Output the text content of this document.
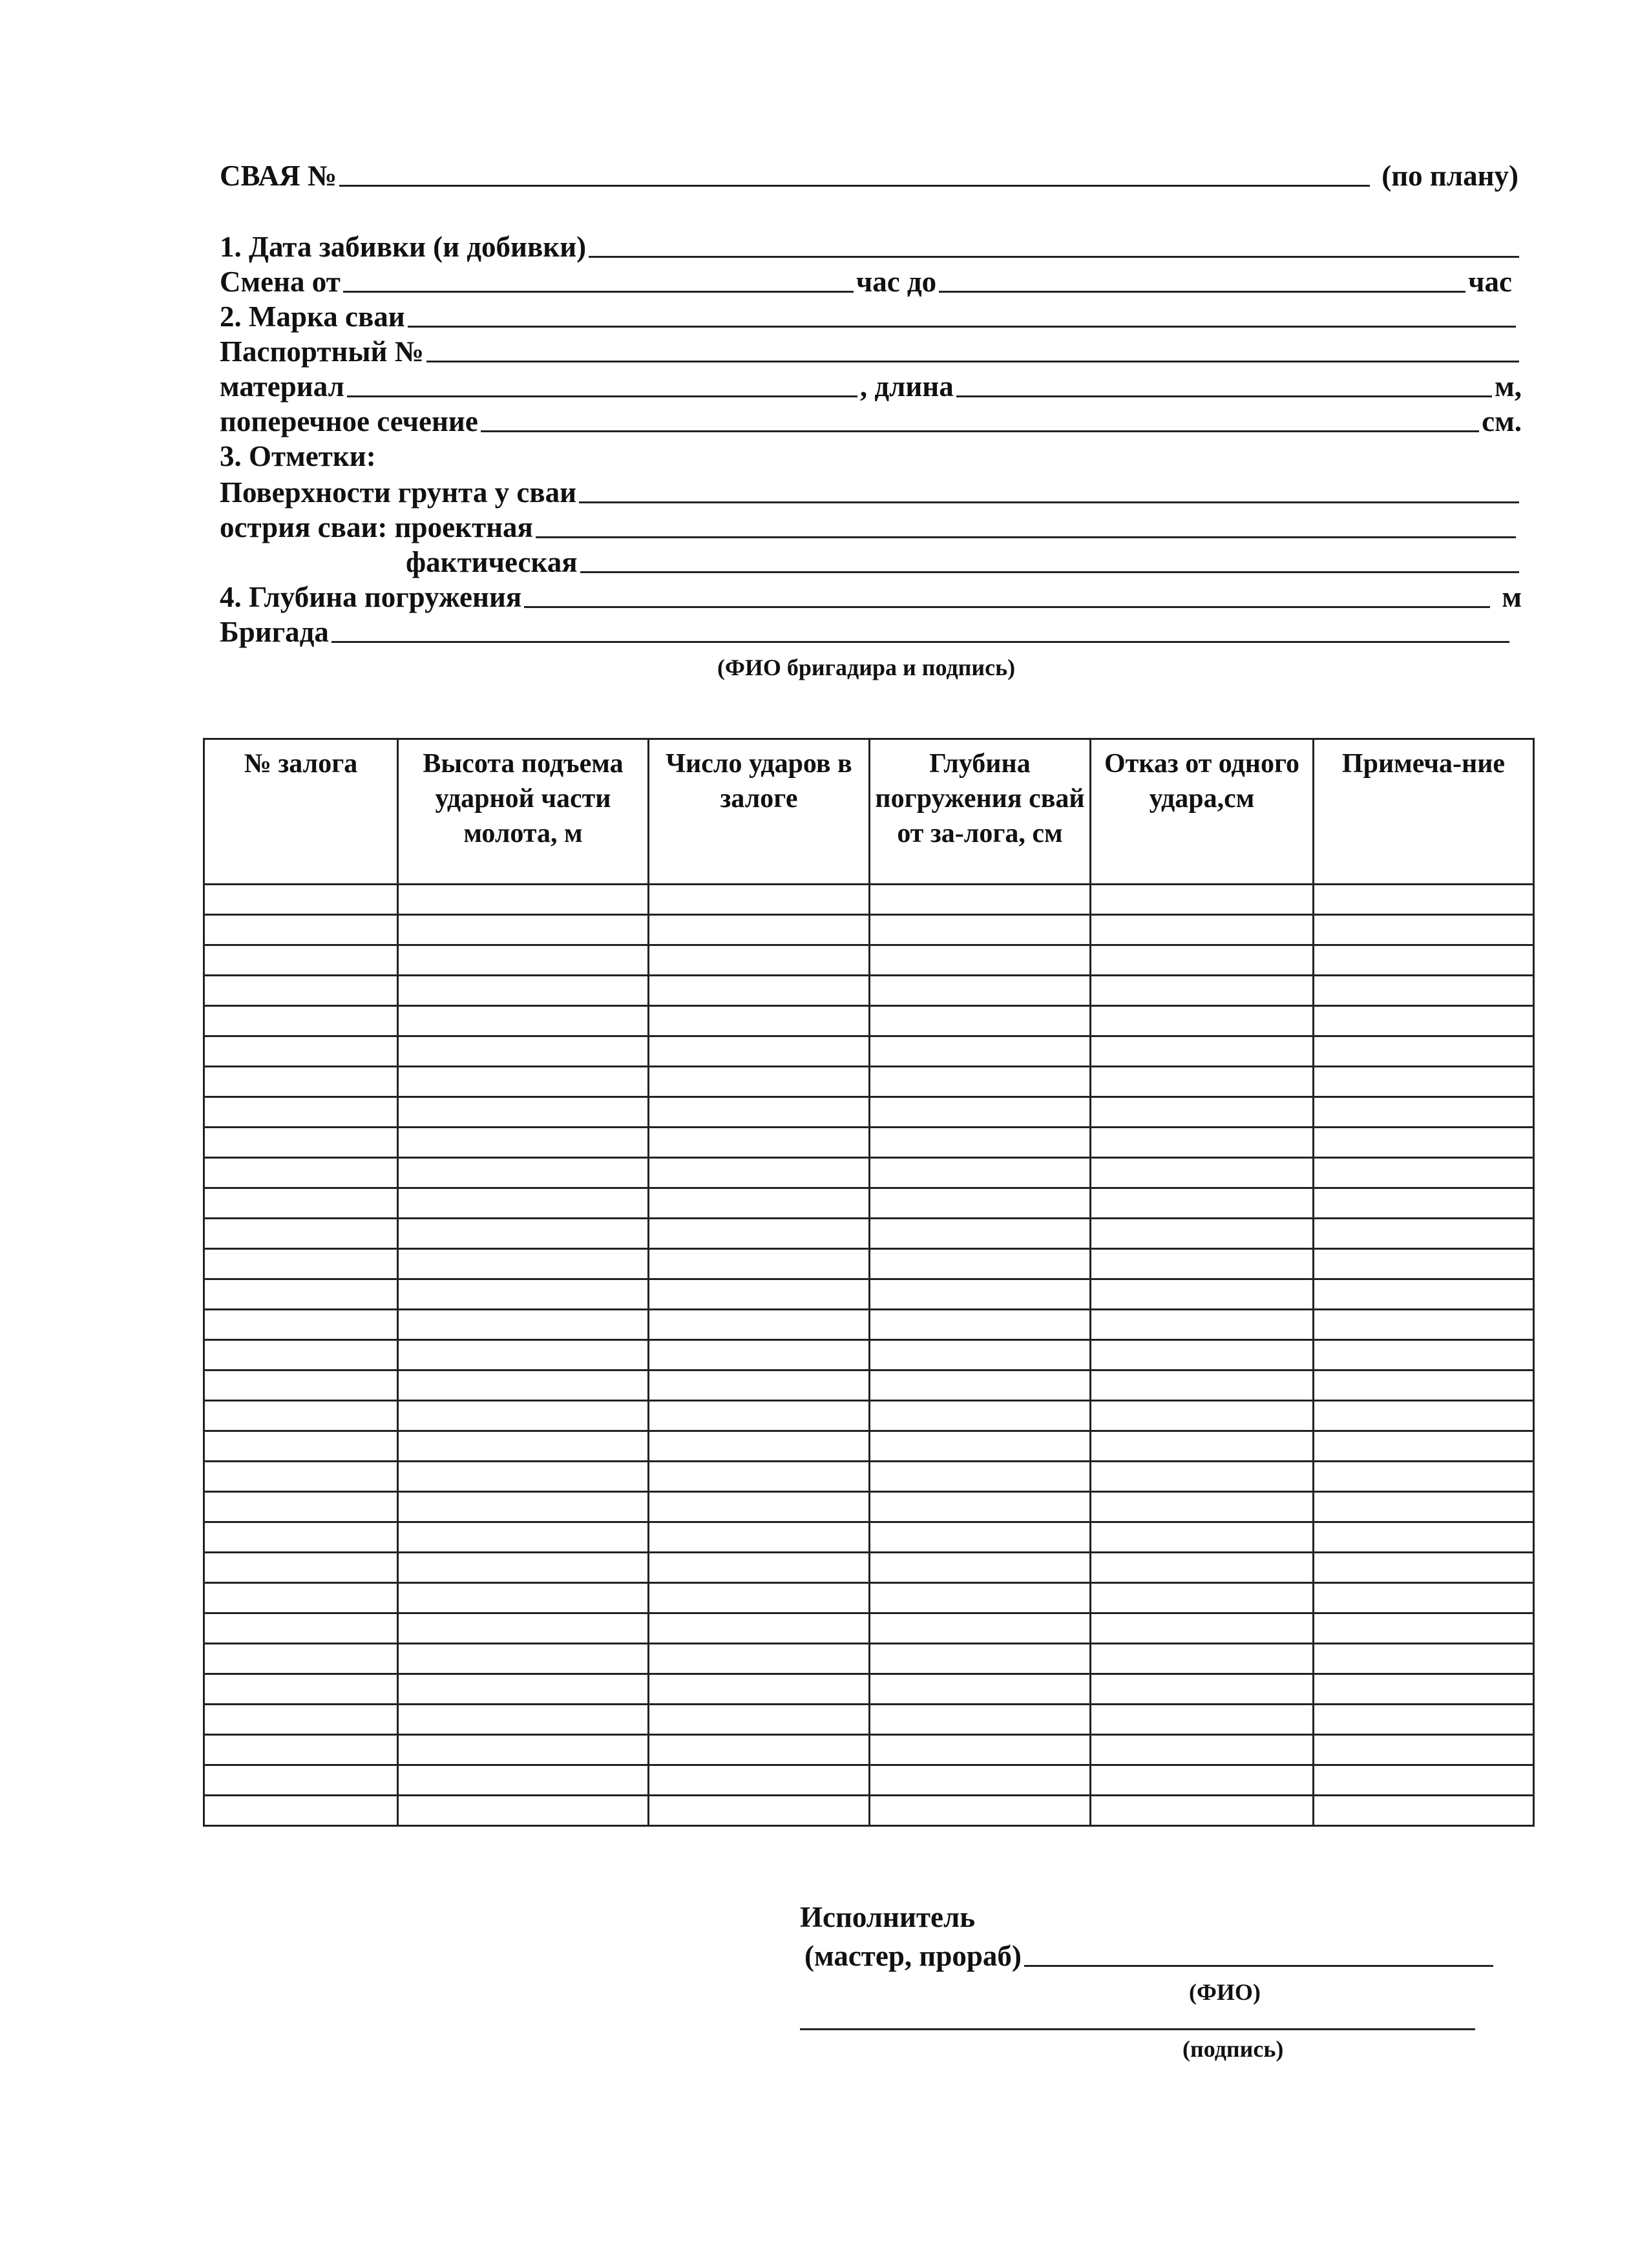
СВАЯ №	(по плану)
1. Дата забивки (и добивки)
Смена от	час до	час
2. Марка сваи
Паспортный №
материал	, длина	м,
поперечное сечение	см.
3. Отметки:
Поверхности грунта у сваи
острия сваи: проектная
фактическая
4. Глубина погружения	м
Бригада
(ФИО бригадира и подпись)
№ залога	Высота подъема ударной части молота, м	Число ударов в залоге	Глубина погружения свай от за-лога, см	Отказ от одного удара,см	Примеча-ние

Исполнитель
(мастер, прораб)
(ФИО)
(подпись)
